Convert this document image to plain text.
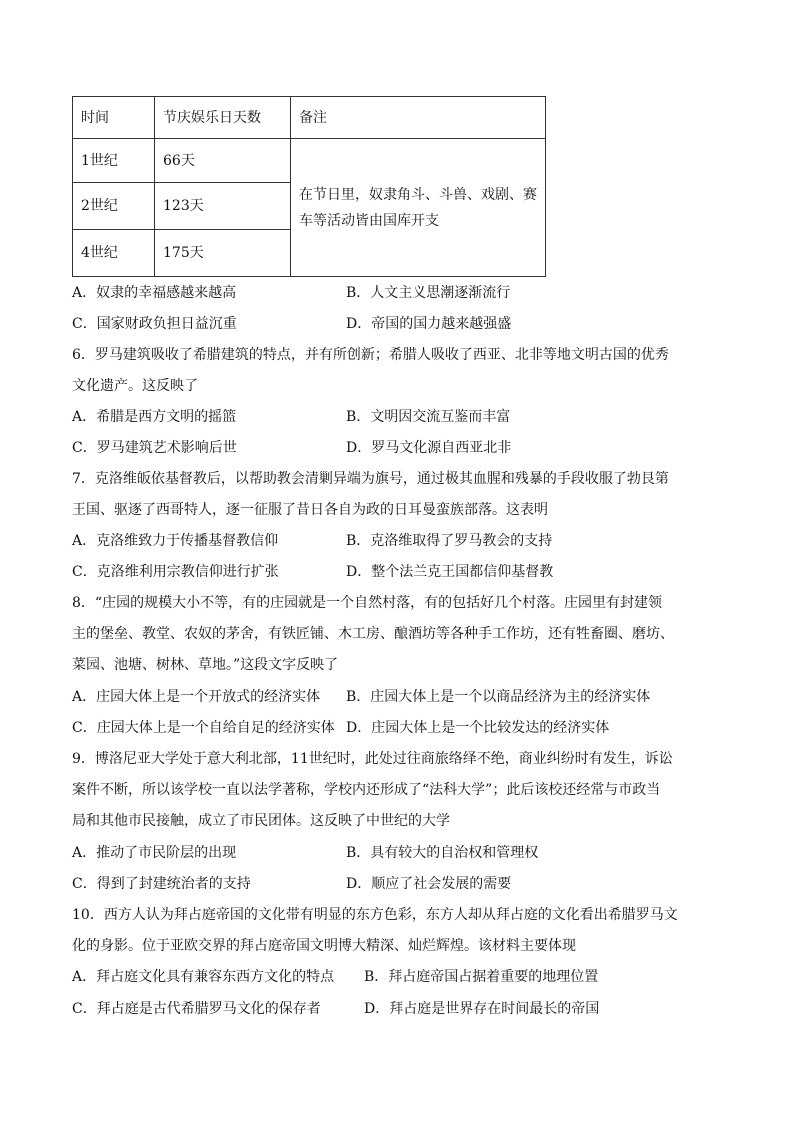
时间	节庆娱乐日天数	备注
1世纪	66天	在节日里，奴隶角斗、斗兽、戏剧、赛车等活动皆由国库开支
2世纪	123天	
4世纪	175天	
A．奴隶的幸福感越来越高	B．人文主义思潮逐渐流行
C．国家财政负担日益沉重	D．帝国的国力越来越强盛
6．罗马建筑吸收了希腊建筑的特点，并有所创新；希腊人吸收了西亚、北非等地文明古国的优秀
文化遗产。这反映了
A．希腊是西方文明的摇篮	B．文明因交流互鉴而丰富
C．罗马建筑艺术影响后世	D．罗马文化源自西亚北非
7．克洛维皈依基督教后，以帮助教会清剿异端为旗号，通过极其血腥和残暴的手段收服了勃艮第
王国、驱逐了西哥特人，逐一征服了昔日各自为政的日耳曼蛮族部落。这表明
A．克洛维致力于传播基督教信仰	B．克洛维取得了罗马教会的支持
C．克洛维利用宗教信仰进行扩张	D．整个法兰克王国都信仰基督教
8．“庄园的规模大小不等，有的庄园就是一个自然村落，有的包括好几个村落。庄园里有封建领
主的堡垒、教堂、农奴的茅舍，有铁匠铺、木工房、酿酒坊等各种手工作坊，还有牲畜圈、磨坊、
菜园、池塘、树林、草地。”这段文字反映了
A．庄园大体上是一个开放式的经济实体 B．庄园大体上是一个以商品经济为主的经济实体
C．庄园大体上是一个自给自足的经济实体 D．庄园大体上是一个比较发达的经济实体
9．博洛尼亚大学处于意大利北部，11世纪时，此处过往商旅络绎不绝，商业纠纷时有发生，诉讼
案件不断，所以该学校一直以法学著称，学校内还形成了“法科大学”；此后该校还经常与市政当
局和其他市民接触，成立了市民团体。这反映了中世纪的大学
A．推动了市民阶层的出现	B．具有较大的自治权和管理权
C．得到了封建统治者的支持	D．顺应了社会发展的需要
10．西方人认为拜占庭帝国的文化带有明显的东方色彩，东方人却从拜占庭的文化看出希腊罗马文
化的身影。位于亚欧交界的拜占庭帝国文明博大精深、灿烂辉煌。该材料主要体现
A．拜占庭文化具有兼容东西方文化的特点 B．拜占庭帝国占据着重要的地理位置
C．拜占庭是古代希腊罗马文化的保存者	D．拜占庭是世界存在时间最长的帝国
